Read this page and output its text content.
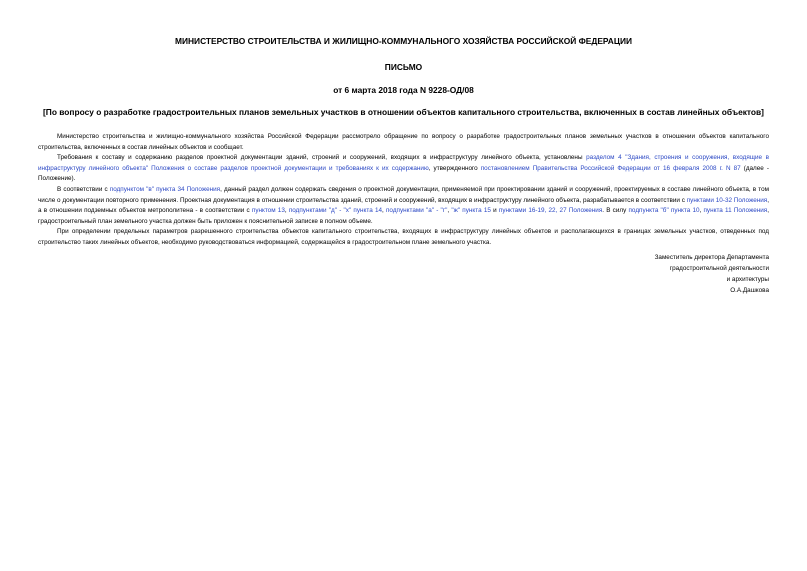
МИНИСТЕРСТВО СТРОИТЕЛЬСТВА И ЖИЛИЩНО-КОММУНАЛЬНОГО ХОЗЯЙСТВА РОССИЙСКОЙ ФЕДЕРАЦИИ
ПИСЬМО
от 6 марта 2018 года N 9228-ОД/08
[По вопросу о разработке градостроительных планов земельных участков в отношении объектов капитального строительства, включенных в состав линейных объектов]

Министерство строительства и жилищно-коммунального хозяйства Российской Федерации рассмотрело обращение по вопросу о разработке градостроительных планов земельных участков в отношении объектов капитального строительства, включенных в состав линейных объектов и сообщает.

Требования к составу и содержанию разделов проектной документации зданий, строений и сооружений, входящих в инфраструктуру линейного объекта, установлены разделом 4 "Здания, строения и сооружения, входящие в инфраструктуру линейного объекта" Положения о составе разделов проектной документации и требованиях к их содержанию, утвержденного постановлением Правительства Российской Федерации от 16 февраля 2008 г. N 87 (далее - Положение).

В соответствии с подпунктом "в" пункта 34 Положения, данный раздел должен содержать сведения о проектной документации, применяемой при проектировании зданий и сооружений, проектируемых в составе линейного объекта, в том числе о документации повторного применения. Проектная документация в отношении строительства зданий, строений и сооружений, входящих в инфраструктуру линейного объекта, разрабатывается в соответствии с пунктами 10-32 Положения, а в отношении подземных объектов метрополитена - в соответствии с пунктом 13, подпунктами "д" - "х" пункта 14, подпунктами "а" - "г", "ж" пункта 15 и пунктами 16-19, 22, 27 Положения. В силу подпункта "б" пункта 10, пункта 11 Положения, градостроительный план земельного участка должен быть приложен к пояснительной записке в полном объеме.

При определении предельных параметров разрешенного строительства объектов капитального строительства, входящих в инфраструктуру линейных объектов и располагающихся в границах земельных участков, отведенных под строительство таких линейных объектов, необходимо руководствоваться информацией, содержащейся в градостроительном плане земельного участка.

Заместитель директора Департамента
градостроительной деятельности
и архитектуры
О.А.Дашкова
